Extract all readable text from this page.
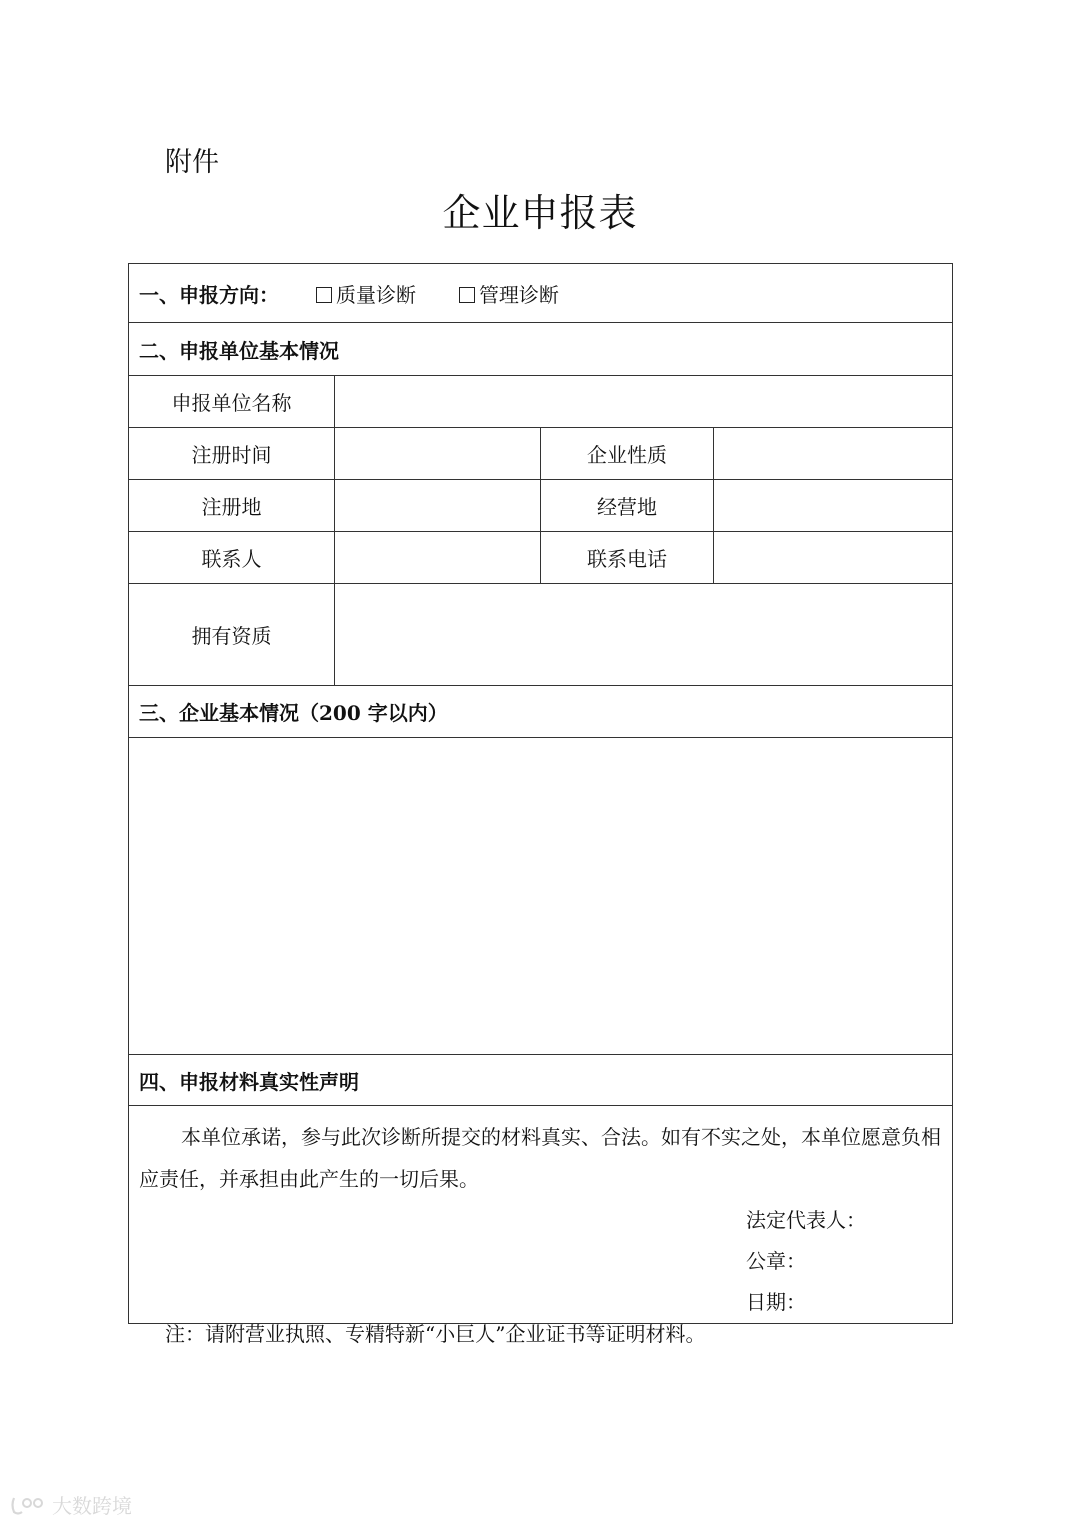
附件
企业申报表
一、申报方向： 质量诊断 管理诊断			
二、申报单位基本情况			
申报单位名称			
注册时间		企业性质	
注册地		经营地	
联系人		联系电话	
拥有资质			
三、企业基本情况（200 字以内）			

四、申报材料真实性声明			

本单位承诺，参与此次诊断所提交的材料真实、合法。如有不实之处，本单位愿意负相应责任，并承担由此产生的一切后果。

法定代表人：
公章：
日期：			
注：请附营业执照、专精特新“小巨人”企业证书等证明材料。
大数跨境
